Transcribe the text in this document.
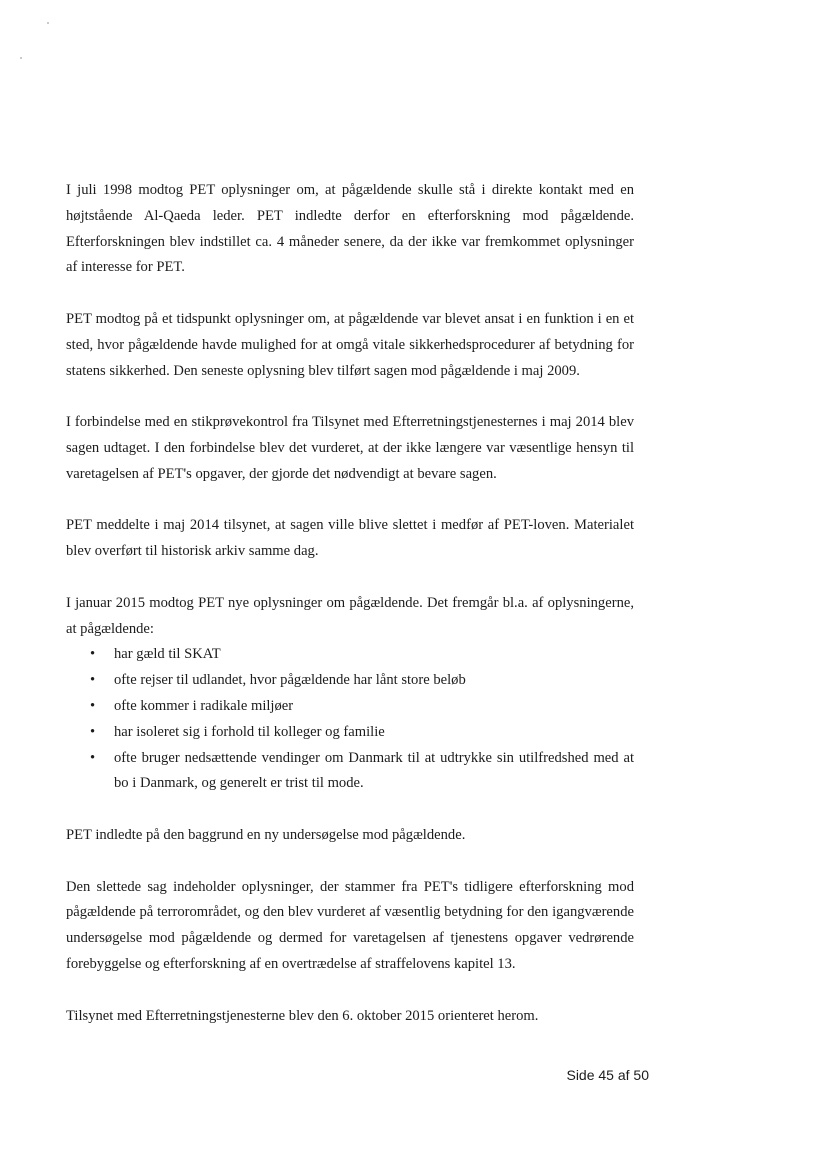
I juli 1998 modtog PET oplysninger om, at pågældende skulle stå i direkte kontakt med en højtstående Al-Qaeda leder. PET indledte derfor en efterforskning mod pågældende. Efterforskningen blev indstillet ca. 4 måneder senere, da der ikke var fremkommet oplysninger af interesse for PET.

PET modtog på et tidspunkt oplysninger om, at pågældende var blevet ansat i en funktion i en et sted, hvor pågældende havde mulighed for at omgå vitale sikkerhedsprocedurer af betydning for statens sikkerhed. Den seneste oplysning blev tilført sagen mod pågældende i maj 2009.

I forbindelse med en stikprøvekontrol fra Tilsynet med Efterretningstjenesternes i maj 2014 blev sagen udtaget. I den forbindelse blev det vurderet, at der ikke længere var væsentlige hensyn til varetagelsen af PET's opgaver, der gjorde det nødvendigt at bevare sagen.

PET meddelte i maj 2014 tilsynet, at sagen ville blive slettet i medfør af PET-loven. Materialet blev overført til historisk arkiv samme dag.

I januar 2015 modtog PET nye oplysninger om pågældende. Det fremgår bl.a. af oplysningerne, at pågældende:

• har gæld til SKAT
• ofte rejser til udlandet, hvor pågældende har lånt store beløb
• ofte kommer i radikale miljøer
• har isoleret sig i forhold til kolleger og familie
• ofte bruger nedsættende vendinger om Danmark til at udtrykke sin utilfredshed med at bo i Danmark, og generelt er trist til mode.

PET indledte på den baggrund en ny undersøgelse mod pågældende.

Den slettede sag indeholder oplysninger, der stammer fra PET's tidligere efterforskning mod pågældende på terrorområdet, og den blev vurderet af væsentlig betydning for den igangværende undersøgelse mod pågældende og dermed for varetagelsen af tjenestens opgaver vedrørende forebyggelse og efterforskning af en overtrædelse af straffelovens kapitel 13.

Tilsynet med Efterretningstjenesterne blev den 6. oktober 2015 orienteret herom.

Side 45 af 50
